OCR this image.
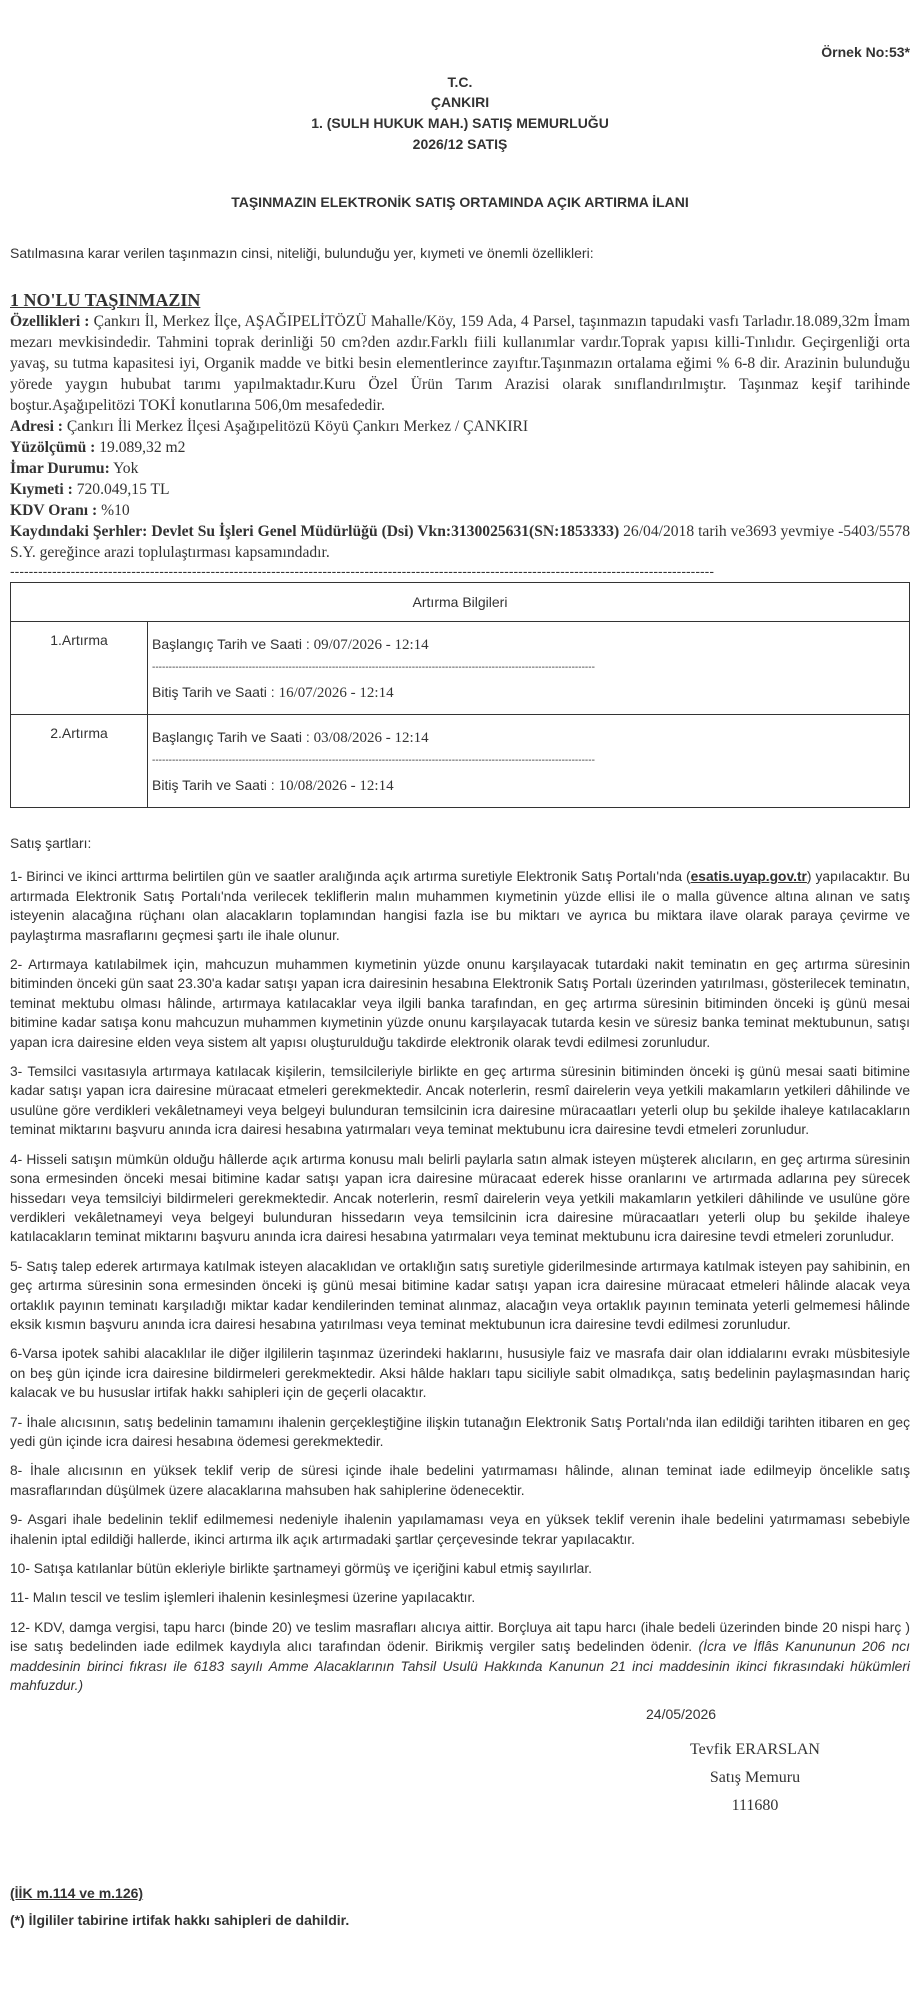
Örnek No:53*
T.C.
ÇANKIRI
1. (SULH HUKUK MAH.) SATIŞ MEMURLUĞU
2026/12 SATIŞ
TAŞINMAZIN ELEKTRONİK SATIŞ ORTAMINDA AÇIK ARTIRMA İLANI
Satılmasına karar verilen taşınmazın cinsi, niteliği, bulunduğu yer, kıymeti ve önemli özellikleri:
1 NO'LU TAŞINMAZIN
Özellikleri : Çankırı İl, Merkez İlçe, AŞAĞIPELİTÖZÜ Mahalle/Köy, 159 Ada, 4 Parsel, taşınmazın tapudaki vasfı Tarladır.18.089,32m İmam mezarı mevkisindedir. Tahmini toprak derinliği 50 cm?den azdır.Farklı fiili kullanımlar vardır.Toprak yapısı killi-Tınlıdır. Geçirgenliği orta yavaş, su tutma kapasitesi iyi, Organik madde ve bitki besin elementlerince zayıftır.Taşınmazın ortalama eğimi % 6-8 dir. Arazinin bulunduğu yörede yaygın hububat tarımı yapılmaktadır.Kuru Özel Ürün Tarım Arazisi olarak sınıflandırılmıştır. Taşınmaz keşif tarihinde boştur.Aşağıpelitözi TOKİ konutlarına 506,0m mesafededir.
Adresi : Çankırı İli Merkez İlçesi Aşağıpelitözü Köyü Çankırı Merkez / ÇANKIRI
Yüzölçümü : 19.089,32 m2
İmar Durumu: Yok
Kıymeti : 720.049,15 TL
KDV Oranı : %10
Kaydındaki Şerhler: Devlet Su İşleri Genel Müdürlüğü (Dsi) Vkn:3130025631(SN:1853333) 26/04/2018 tarih ve3693 yevmiye -5403/5578 S.Y. gereğince arazi toplulaştırması kapsamındadır.
-------------------------------------------------------------------------------------------------------------------------------------------------------
Artırma Bilgileri	
1.Artırma	Başlangıç Tarih ve Saati : 09/07/2026 - 12:14
-------------------------------------------------------------------------------------------------------------------------------------
Bitiş Tarih ve Saati : 16/07/2026 - 12:14

2.Artırma	Başlangıç Tarih ve Saati : 03/08/2026 - 12:14
-------------------------------------------------------------------------------------------------------------------------------------
Bitiş Tarih ve Saati : 10/08/2026 - 12:14

Satış şartları:

1- Birinci ve ikinci arttırma belirtilen gün ve saatler aralığında açık artırma suretiyle Elektronik Satış Portalı'nda (esatis.uyap.gov.tr) yapılacaktır. Bu artırmada Elektronik Satış Portalı'nda verilecek tekliflerin malın muhammen kıymetinin yüzde ellisi ile o malla güvence altına alınan ve satış isteyenin alacağına rüçhanı olan alacakların toplamından hangisi fazla ise bu miktarı ve ayrıca bu miktara ilave olarak paraya çevirme ve paylaştırma masraflarını geçmesi şartı ile ihale olunur.

2- Artırmaya katılabilmek için, mahcuzun muhammen kıymetinin yüzde onunu karşılayacak tutardaki nakit teminatın en geç artırma süresinin bitiminden önceki gün saat 23.30'a kadar satışı yapan icra dairesinin hesabına Elektronik Satış Portalı üzerinden yatırılması, gösterilecek teminatın, teminat mektubu olması hâlinde, artırmaya katılacaklar veya ilgili banka tarafından, en geç artırma süresinin bitiminden önceki iş günü mesai bitimine kadar satışa konu mahcuzun muhammen kıymetinin yüzde onunu karşılayacak tutarda kesin ve süresiz banka teminat mektubunun, satışı yapan icra dairesine elden veya sistem alt yapısı oluşturulduğu takdirde elektronik olarak tevdi edilmesi zorunludur.

3- Temsilci vasıtasıyla artırmaya katılacak kişilerin, temsilcileriyle birlikte en geç artırma süresinin bitiminden önceki iş günü mesai saati bitimine kadar satışı yapan icra dairesine müracaat etmeleri gerekmektedir. Ancak noterlerin, resmî dairelerin veya yetkili makamların yetkileri dâhilinde ve usulüne göre verdikleri vekâletnameyi veya belgeyi bulunduran temsilcinin icra dairesine müracaatları yeterli olup bu şekilde ihaleye katılacakların teminat miktarını başvuru anında icra dairesi hesabına yatırmaları veya teminat mektubunu icra dairesine tevdi etmeleri zorunludur.

4- Hisseli satışın mümkün olduğu hâllerde açık artırma konusu malı belirli paylarla satın almak isteyen müşterek alıcıların, en geç artırma süresinin sona ermesinden önceki mesai bitimine kadar satışı yapan icra dairesine müracaat ederek hisse oranlarını ve artırmada adlarına pey sürecek hissedarı veya temsilciyi bildirmeleri gerekmektedir. Ancak noterlerin, resmî dairelerin veya yetkili makamların yetkileri dâhilinde ve usulüne göre verdikleri vekâletnameyi veya belgeyi bulunduran hissedarın veya temsilcinin icra dairesine müracaatları yeterli olup bu şekilde ihaleye katılacakların teminat miktarını başvuru anında icra dairesi hesabına yatırmaları veya teminat mektubunu icra dairesine tevdi etmeleri zorunludur.

5- Satış talep ederek artırmaya katılmak isteyen alacaklıdan ve ortaklığın satış suretiyle giderilmesinde artırmaya katılmak isteyen pay sahibinin, en geç artırma süresinin sona ermesinden önceki iş günü mesai bitimine kadar satışı yapan icra dairesine müracaat etmeleri hâlinde alacak veya ortaklık payının teminatı karşıladığı miktar kadar kendilerinden teminat alınmaz, alacağın veya ortaklık payının teminata yeterli gelmemesi hâlinde eksik kısmın başvuru anında icra dairesi hesabına yatırılması veya teminat mektubunun icra dairesine tevdi edilmesi zorunludur.

6-Varsa ipotek sahibi alacaklılar ile diğer ilgililerin taşınmaz üzerindeki haklarını, hususiyle faiz ve masrafa dair olan iddialarını evrakı müsbitesiyle on beş gün içinde icra dairesine bildirmeleri gerekmektedir. Aksi hâlde hakları tapu siciliyle sabit olmadıkça, satış bedelinin paylaşmasından hariç kalacak ve bu hususlar irtifak hakkı sahipleri için de geçerli olacaktır.

7- İhale alıcısının, satış bedelinin tamamını ihalenin gerçekleştiğine ilişkin tutanağın Elektronik Satış Portalı'nda ilan edildiği tarihten itibaren en geç yedi gün içinde icra dairesi hesabına ödemesi gerekmektedir.

8- İhale alıcısının en yüksek teklif verip de süresi içinde ihale bedelini yatırmaması hâlinde, alınan teminat iade edilmeyip öncelikle satış masraflarından düşülmek üzere alacaklarına mahsuben hak sahiplerine ödenecektir.

9- Asgari ihale bedelinin teklif edilmemesi nedeniyle ihalenin yapılamaması veya en yüksek teklif verenin ihale bedelini yatırmaması sebebiyle ihalenin iptal edildiği hallerde, ikinci artırma ilk açık artırmadaki şartlar çerçevesinde tekrar yapılacaktır.

10- Satışa katılanlar bütün ekleriyle birlikte şartnameyi görmüş ve içeriğini kabul etmiş sayılırlar.

11- Malın tescil ve teslim işlemleri ihalenin kesinleşmesi üzerine yapılacaktır.

12- KDV, damga vergisi, tapu harcı (binde 20) ve teslim masrafları alıcıya aittir. Borçluya ait tapu harcı (ihale bedeli üzerinden binde 20 nispi harç ) ise satış bedelinden iade edilmek kaydıyla alıcı tarafından ödenir. Birikmiş vergiler satış bedelinden ödenir. (İcra ve İflâs Kanununun 206 ncı maddesinin birinci fıkrası ile 6183 sayılı Amme Alacaklarının Tahsil Usulü Hakkında Kanunun 21 inci maddesinin ikinci fıkrasındaki hükümleri mahfuzdur.)

24/05/2026
Tevfik ERARSLAN
Satış Memuru
111680
(İİK m.114 ve m.126)
(*) İlgililer tabirine irtifak hakkı sahipleri de dahildir.
